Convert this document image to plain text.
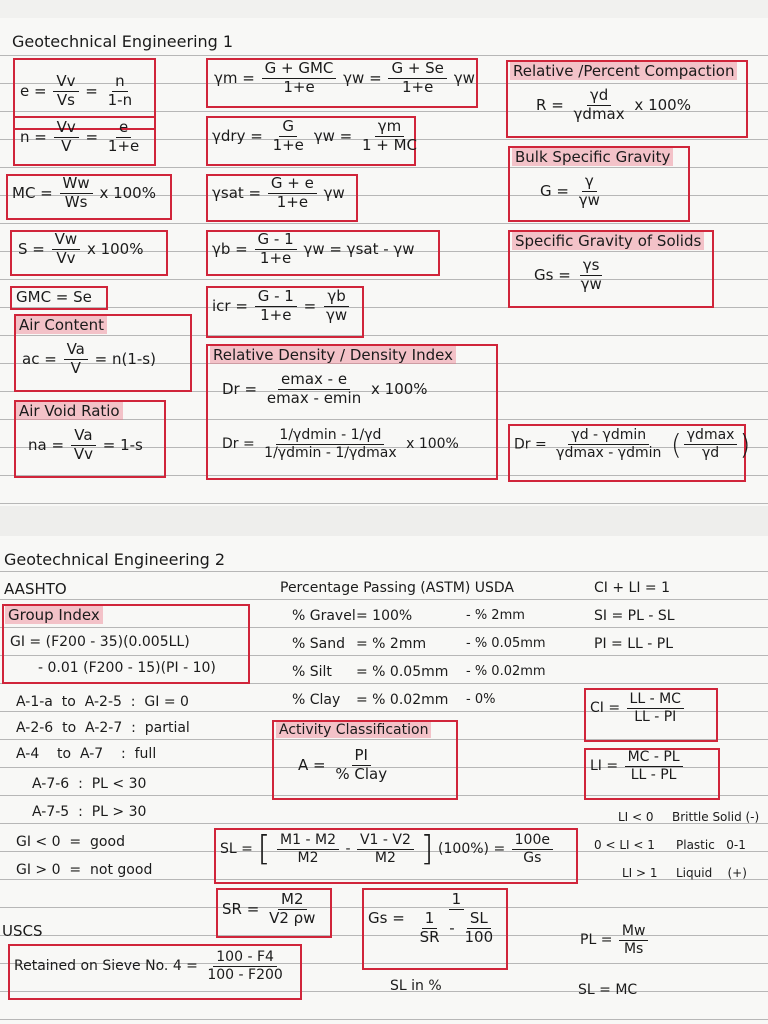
Geotechnical Engineering 1
$e = \frac{Vv}{Vs} = \frac{n}{1-n}$
$n = \frac{Vv}{V} = \frac{e}{1+e}$
MC = $\frac{Ww}{Ws}$ x 100%
$S = \frac{Vw}{Vv}$ x 100%
GMC = Se
Air Content
ac = $\frac{Va}{V} = n(1-s)$
Air Void Ratio
na = $\frac{Va}{Vv} = 1-s$
$\gamma m = \frac{\text{G + GMC}}{1+e}$ $\gamma w = \frac{G + Se}{1+e}$ γw
$\gamma dry = \frac{G}{1+e}$ $\gamma w = \frac{\gamma m}{1 + MC}$
$\gamma sat = \frac{G + e}{1+e}$ γw
$\gamma b = \frac{G - 1}{1+e}$ γw = γsat - γw
icr = $\frac{G - 1}{1+e} = \frac{\gamma b}{\gamma w}$
Relative Density / Density Index
$Dr = \frac{emax - e}{emax - emin}$ x 100%
$Dr = \frac{1/\gamma dmin - 1/\gamma d}{1/\gamma dmin - 1/\gamma dmax}$ x 100%
Relative /Percent Compaction
$R = \frac{\gamma d}{\gamma dmax}$ x 100%
Bulk Specific Gravity
$G = \frac{\gamma}{\gamma w}$
Specific Gravity of Solids
$Gs = \frac{\gamma s}{\gamma w}$
$Dr = \frac{\gamma d - \gamma dmin}{\gamma dmax - \gamma dmin}$ ( $\frac{\gamma dmax}{\gamma d}$ )
Geotechnical Engineering 2
AASHTO
Group Index
GI = (F200 - 35)(0.005LL)
- 0.01 (F200 - 15)(PI - 10)
A-1-a  to  A-2-5  :  GI = 0
A-2-6  to  A-2-7  :  partial
A-4    to  A-7    :  full
A-7-6  :  PL < 30
A-7-5  :  PL > 30
GI < 0  =  good
GI > 0  =  not good
USCS
Retained on Sieve No. $4 = \frac{100 - F4}{100 - F200}$
Percentage Passing (ASTM) USDA
% Gravel = 100%	- % 2mm
% Sand = % 2mm	- % 0.05mm
% Silt = % 0.05mm - % 0.02mm
% Clay = % 0.02mm - 0%
Activity Classification
$A = \frac{PI}{\text{\% Clay}}$
SL = [ $\frac{M1 - M2}{M2} - \frac{V1 - V2}{M2}$ ] $(100\%) = \frac{100e}{Gs}$
SR = $\frac{M2}{V2 \rho w}$	$Gs = \frac{1}{\frac{1}{SR} - \frac{SL}{100}}$
SL in %
CI + LI = 1
SI = PL - SL
PI = LL - PL
CI = $\frac{LL - MC}{LL - PI}$
LI = $\frac{MC - PL}{LL - PL}$
LI < 0 Brittle Solid (-)
0 < LI < 1 Plastic   0-1
LI > 1 Liquid    (+)
PL = $\frac{Mw}{Ms}$
SL = MC
